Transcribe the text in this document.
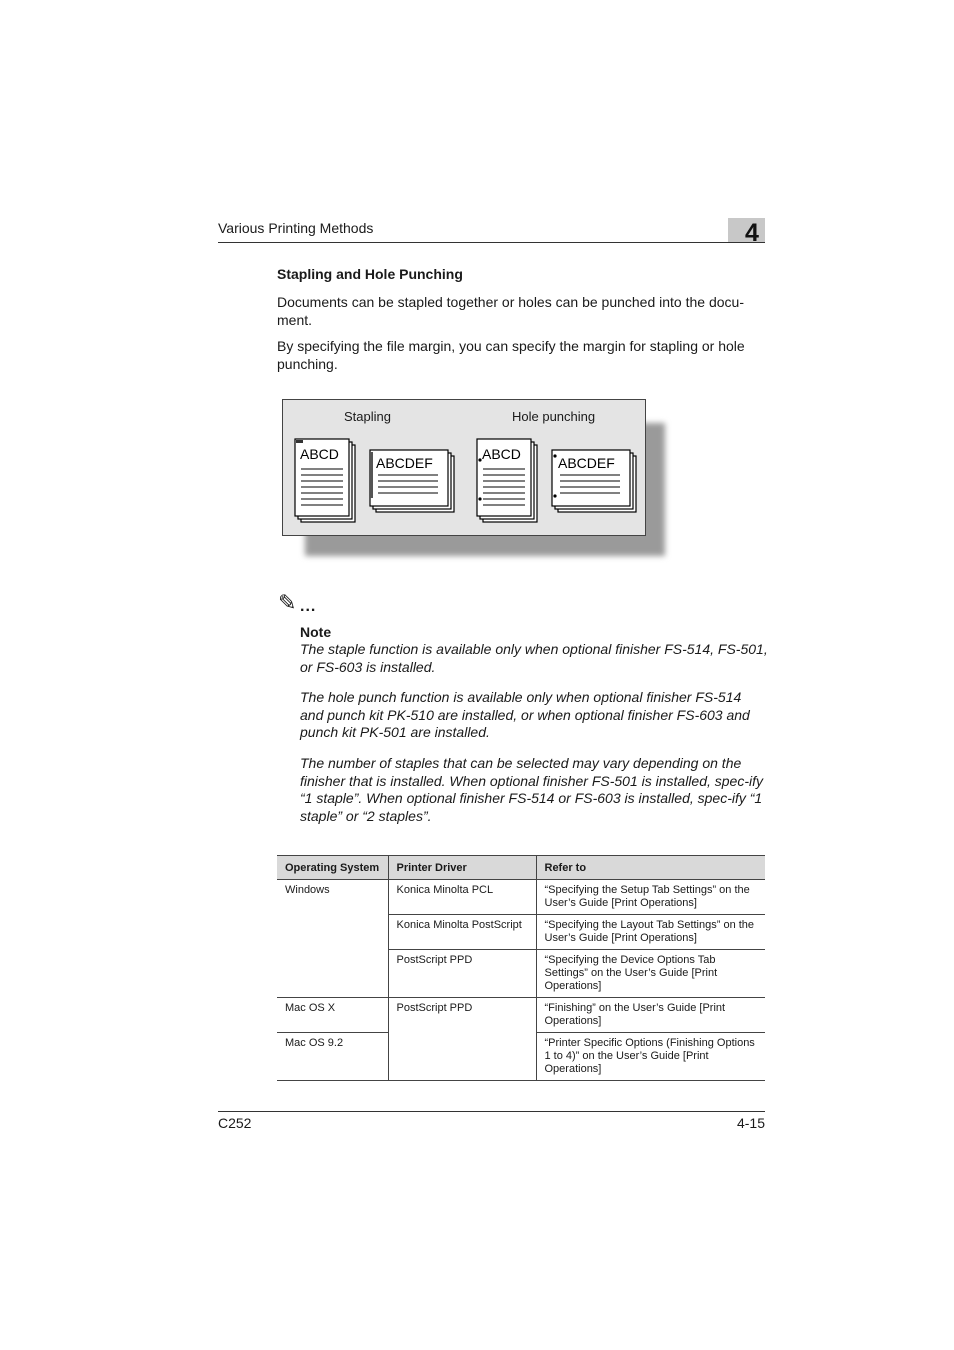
Various Printing Methods	4
Stapling and Hole Punching
Documents can be stapled together or holes can be punched into the docu-ment.
By specifying the file margin, you can specify the margin for stapling or hole punching.
Stapling	Hole punching
ABCD
ABCDEF
ABCD
ABCDEF
✎ ...
Note
The staple function is available only when optional finisher FS-514, FS-501, or FS-603 is installed.
The hole punch function is available only when optional finisher FS-514 and punch kit PK-510 are installed, or when optional finisher FS-603 and punch kit PK-501 are installed.
The number of staples that can be selected may vary depending on the finisher that is installed. When optional finisher FS-501 is installed, spec-ify “1 staple”. When optional finisher FS-514 or FS-603 is installed, spec-ify “1 staple” or “2 staples”.
Operating System	Printer Driver	Refer to
Windows	Konica Minolta PCL	“Specifying the Setup Tab Settings” on the User’s Guide [Print Operations]
	Konica Minolta PostScript	“Specifying the Layout Tab Settings” on the User’s Guide [Print Operations]
	PostScript PPD	“Specifying the Device Options Tab Settings” on the User’s Guide [Print Operations]
Mac OS X	PostScript PPD	“Finishing” on the User’s Guide [Print Operations]
Mac OS 9.2		“Printer Specific Options (Finishing Options 1 to 4)” on the User’s Guide [Print Operations]
C252	4-15
